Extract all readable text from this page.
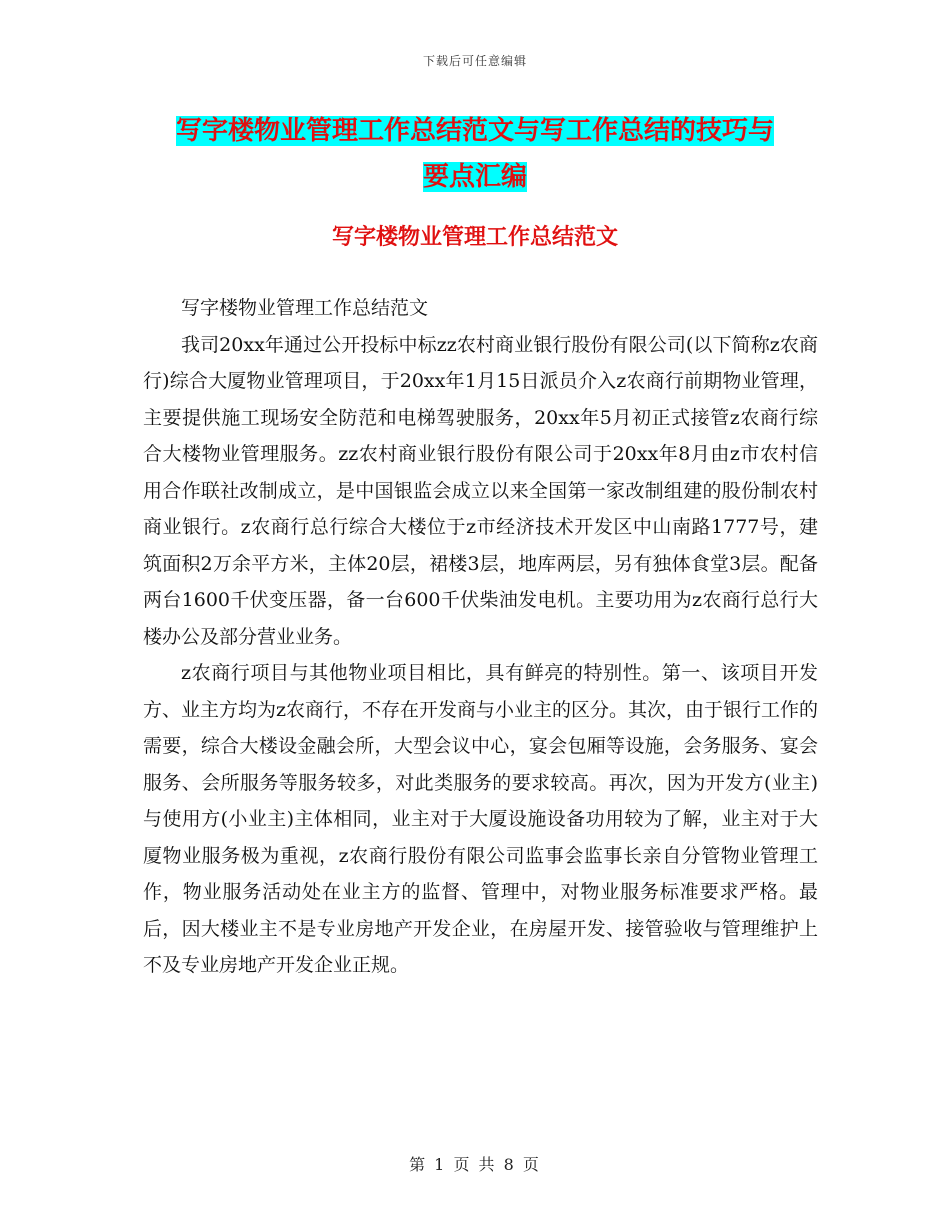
下载后可任意编辑
写字楼物业管理工作总结范文与写工作总结的技巧与
要点汇编
写字楼物业管理工作总结范文

写字楼物业管理工作总结范文

我司20xx年通过公开投标中标zz农村商业银行股份有限公司(以下简称z农商行)综合大厦物业管理项目，于20xx年1月15日派员介入z农商行前期物业管理，主要提供施工现场安全防范和电梯驾驶服务，20xx年5月初正式接管z农商行综合大楼物业管理服务。zz农村商业银行股份有限公司于20xx年8月由z市农村信用合作联社改制成立，是中国银监会成立以来全国第一家改制组建的股份制农村商业银行。z农商行总行综合大楼位于z市经济技术开发区中山南路1777号，建筑面积2万余平方米，主体20层，裙楼3层，地库两层，另有独体食堂3层。配备两台1600千伏变压器，备一台600千伏柴油发电机。主要功用为z农商行总行大楼办公及部分营业业务。

z农商行项目与其他物业项目相比，具有鲜亮的特别性。第一、该项目开发方、业主方均为z农商行，不存在开发商与小业主的区分。其次，由于银行工作的需要，综合大楼设金融会所，大型会议中心，宴会包厢等设施，会务服务、宴会服务、会所服务等服务较多，对此类服务的要求较高。再次，因为开发方(业主)与使用方(小业主)主体相同，业主对于大厦设施设备功用较为了解，业主对于大厦物业服务极为重视，z农商行股份有限公司监事会监事长亲自分管物业管理工作，物业服务活动处在业主方的监督、管理中，对物业服务标准要求严格。最后，因大楼业主不是专业房地产开发企业，在房屋开发、接管验收与管理维护上不及专业房地产开发企业正规。

第 1 页 共 8 页
